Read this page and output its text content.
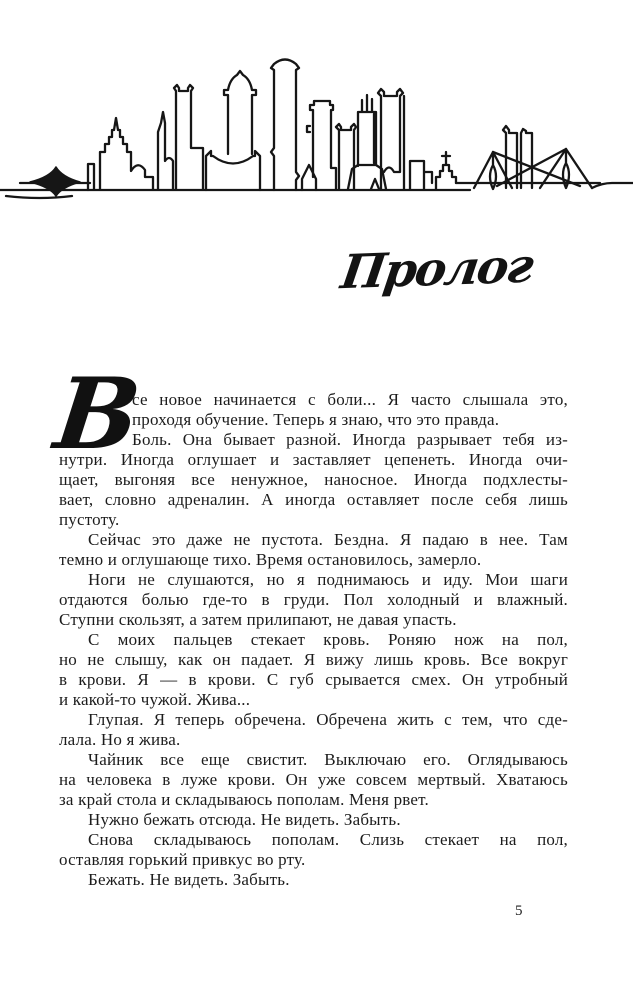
Пролог
В
се новое начинается с боли... Я часто слышала это,
проходя обучение. Теперь я знаю, что это правда.
Боль. Она бывает разной. Иногда разрывает тебя из-
нутри. Иногда оглушает и заставляет цепенеть. Иногда очи-
щает, выгоняя все ненужное, наносное. Иногда подхлесты-
вает, словно адреналин. А иногда оставляет после себя лишь
пустоту.
Сейчас это даже не пустота. Бездна. Я падаю в нее. Там
темно и оглушающе тихо. Время остановилось, замерло.
Ноги не слушаются, но я поднимаюсь и иду. Мои шаги
отдаются болью где-то в груди. Пол холодный и влажный.
Ступни скользят, а затем прилипают, не давая упасть.
С моих пальцев стекает кровь. Роняю нож на пол,
но не слышу, как он падает. Я вижу лишь кровь. Все вокруг
в крови. Я — в крови. С губ срывается смех. Он утробный
и какой-то чужой. Жива...
Глупая. Я теперь обречена. Обречена жить с тем, что сде-
лала. Но я жива.
Чайник все еще свистит. Выключаю его. Оглядываюсь
на человека в луже крови. Он уже совсем мертвый. Хватаюсь
за край стола и складываюсь пополам. Меня рвет.
Нужно бежать отсюда. Не видеть. Забыть.
Снова складываюсь пополам. Слизь стекает на пол,
оставляя горький привкус во рту.
Бежать. Не видеть. Забыть.
5
